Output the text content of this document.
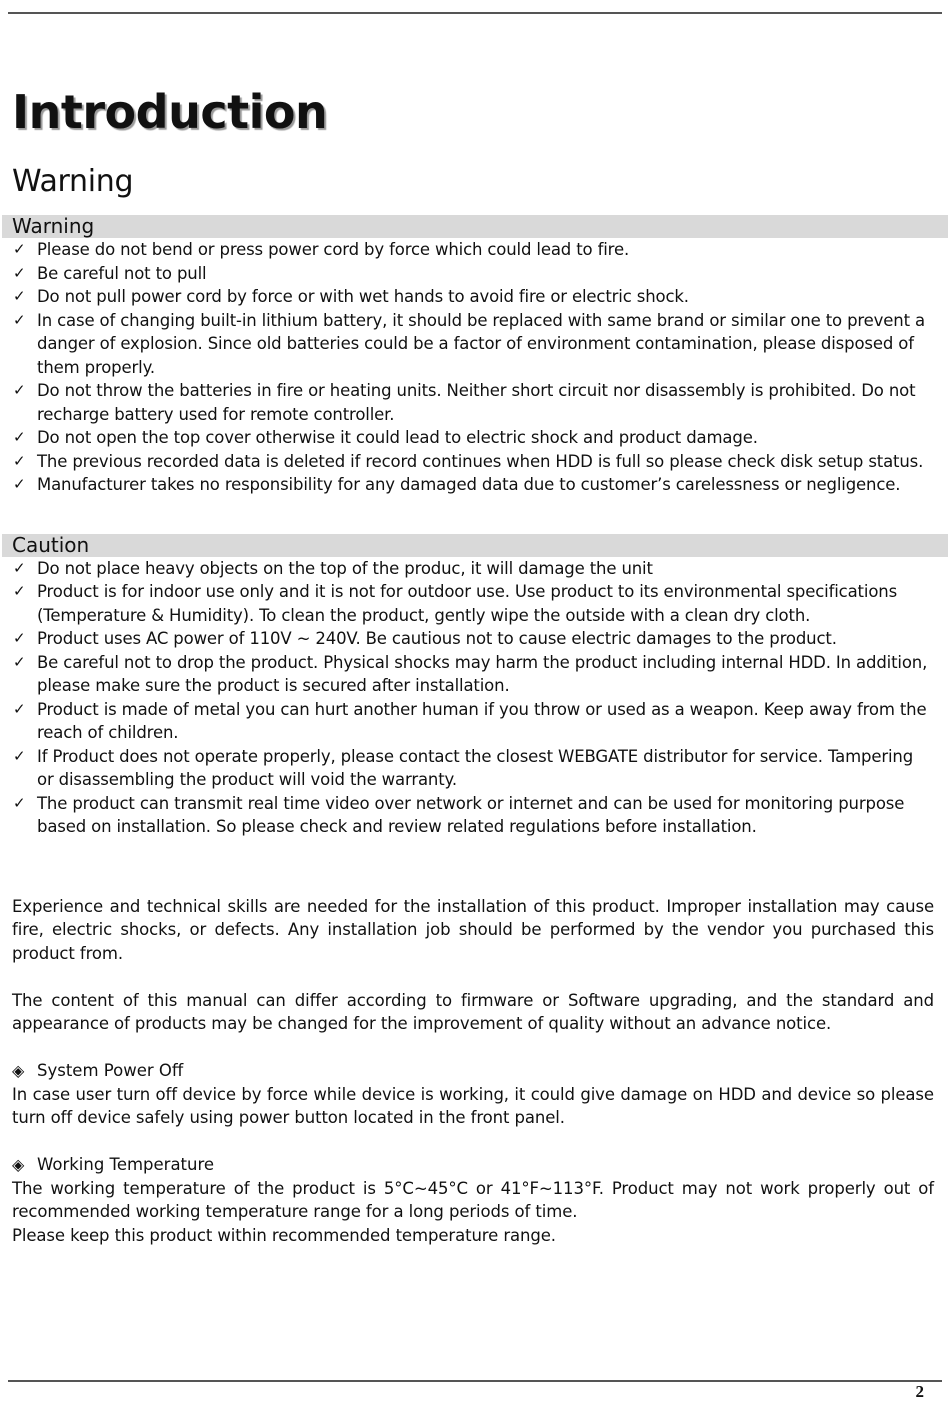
Introduction
Warning
Warning
✓ Please do not bend or press power cord by force which could lead to fire.
✓ Be careful not to pull
✓ Do not pull power cord by force or with wet hands to avoid fire or electric shock.
✓ In case of changing built-in lithium battery, it should be replaced with same brand or similar one to prevent a danger of explosion. Since old batteries could be a factor of environment contamination, please disposed of them properly.
✓ Do not throw the batteries in fire or heating units. Neither short circuit nor disassembly is prohibited. Do not recharge battery used for remote controller.
✓ Do not open the top cover otherwise it could lead to electric shock and product damage.
✓ The previous recorded data is deleted if record continues when HDD is full so please check disk setup status.
✓ Manufacturer takes no responsibility for any damaged data due to customer’s carelessness or negligence.
Caution
✓ Do not place heavy objects on the top of the produc, it will damage the unit
✓ Product is for indoor use only and it is not for outdoor use. Use product to its environmental specifications (Temperature & Humidity). To clean the product, gently wipe the outside with a clean dry cloth.
✓ Product uses AC power of 110V ~ 240V. Be cautious not to cause electric damages to the product.
✓ Be careful not to drop the product. Physical shocks may harm the product including internal HDD. In addition, please make sure the product is secured after installation.
✓ Product is made of metal you can hurt another human if you throw or used as a weapon. Keep away from the reach of children.
✓ If Product does not operate properly, please contact the closest WEBGATE distributor for service. Tampering or disassembling the product will void the warranty.
✓ The product can transmit real time video over network or internet and can be used for monitoring purpose based on installation. So please check and review related regulations before installation.

Experience and technical skills are needed for the installation of this product. Improper installation may cause fire, electric shocks, or defects. Any installation job should be performed by the vendor you purchased this product from.

The content of this manual can differ according to firmware or Software upgrading, and the standard and appearance of products may be changed for the improvement of quality without an advance notice.

◈ System Power Off

In case user turn off device by force while device is working, it could give damage on HDD and device so please turn off device safely using power button located in the front panel.

◈ Working Temperature

The working temperature of the product is 5°C~45°C or 41°F~113°F. Product may not work properly out of recommended working temperature range for a long periods of time.

Please keep this product within recommended temperature range.

2
